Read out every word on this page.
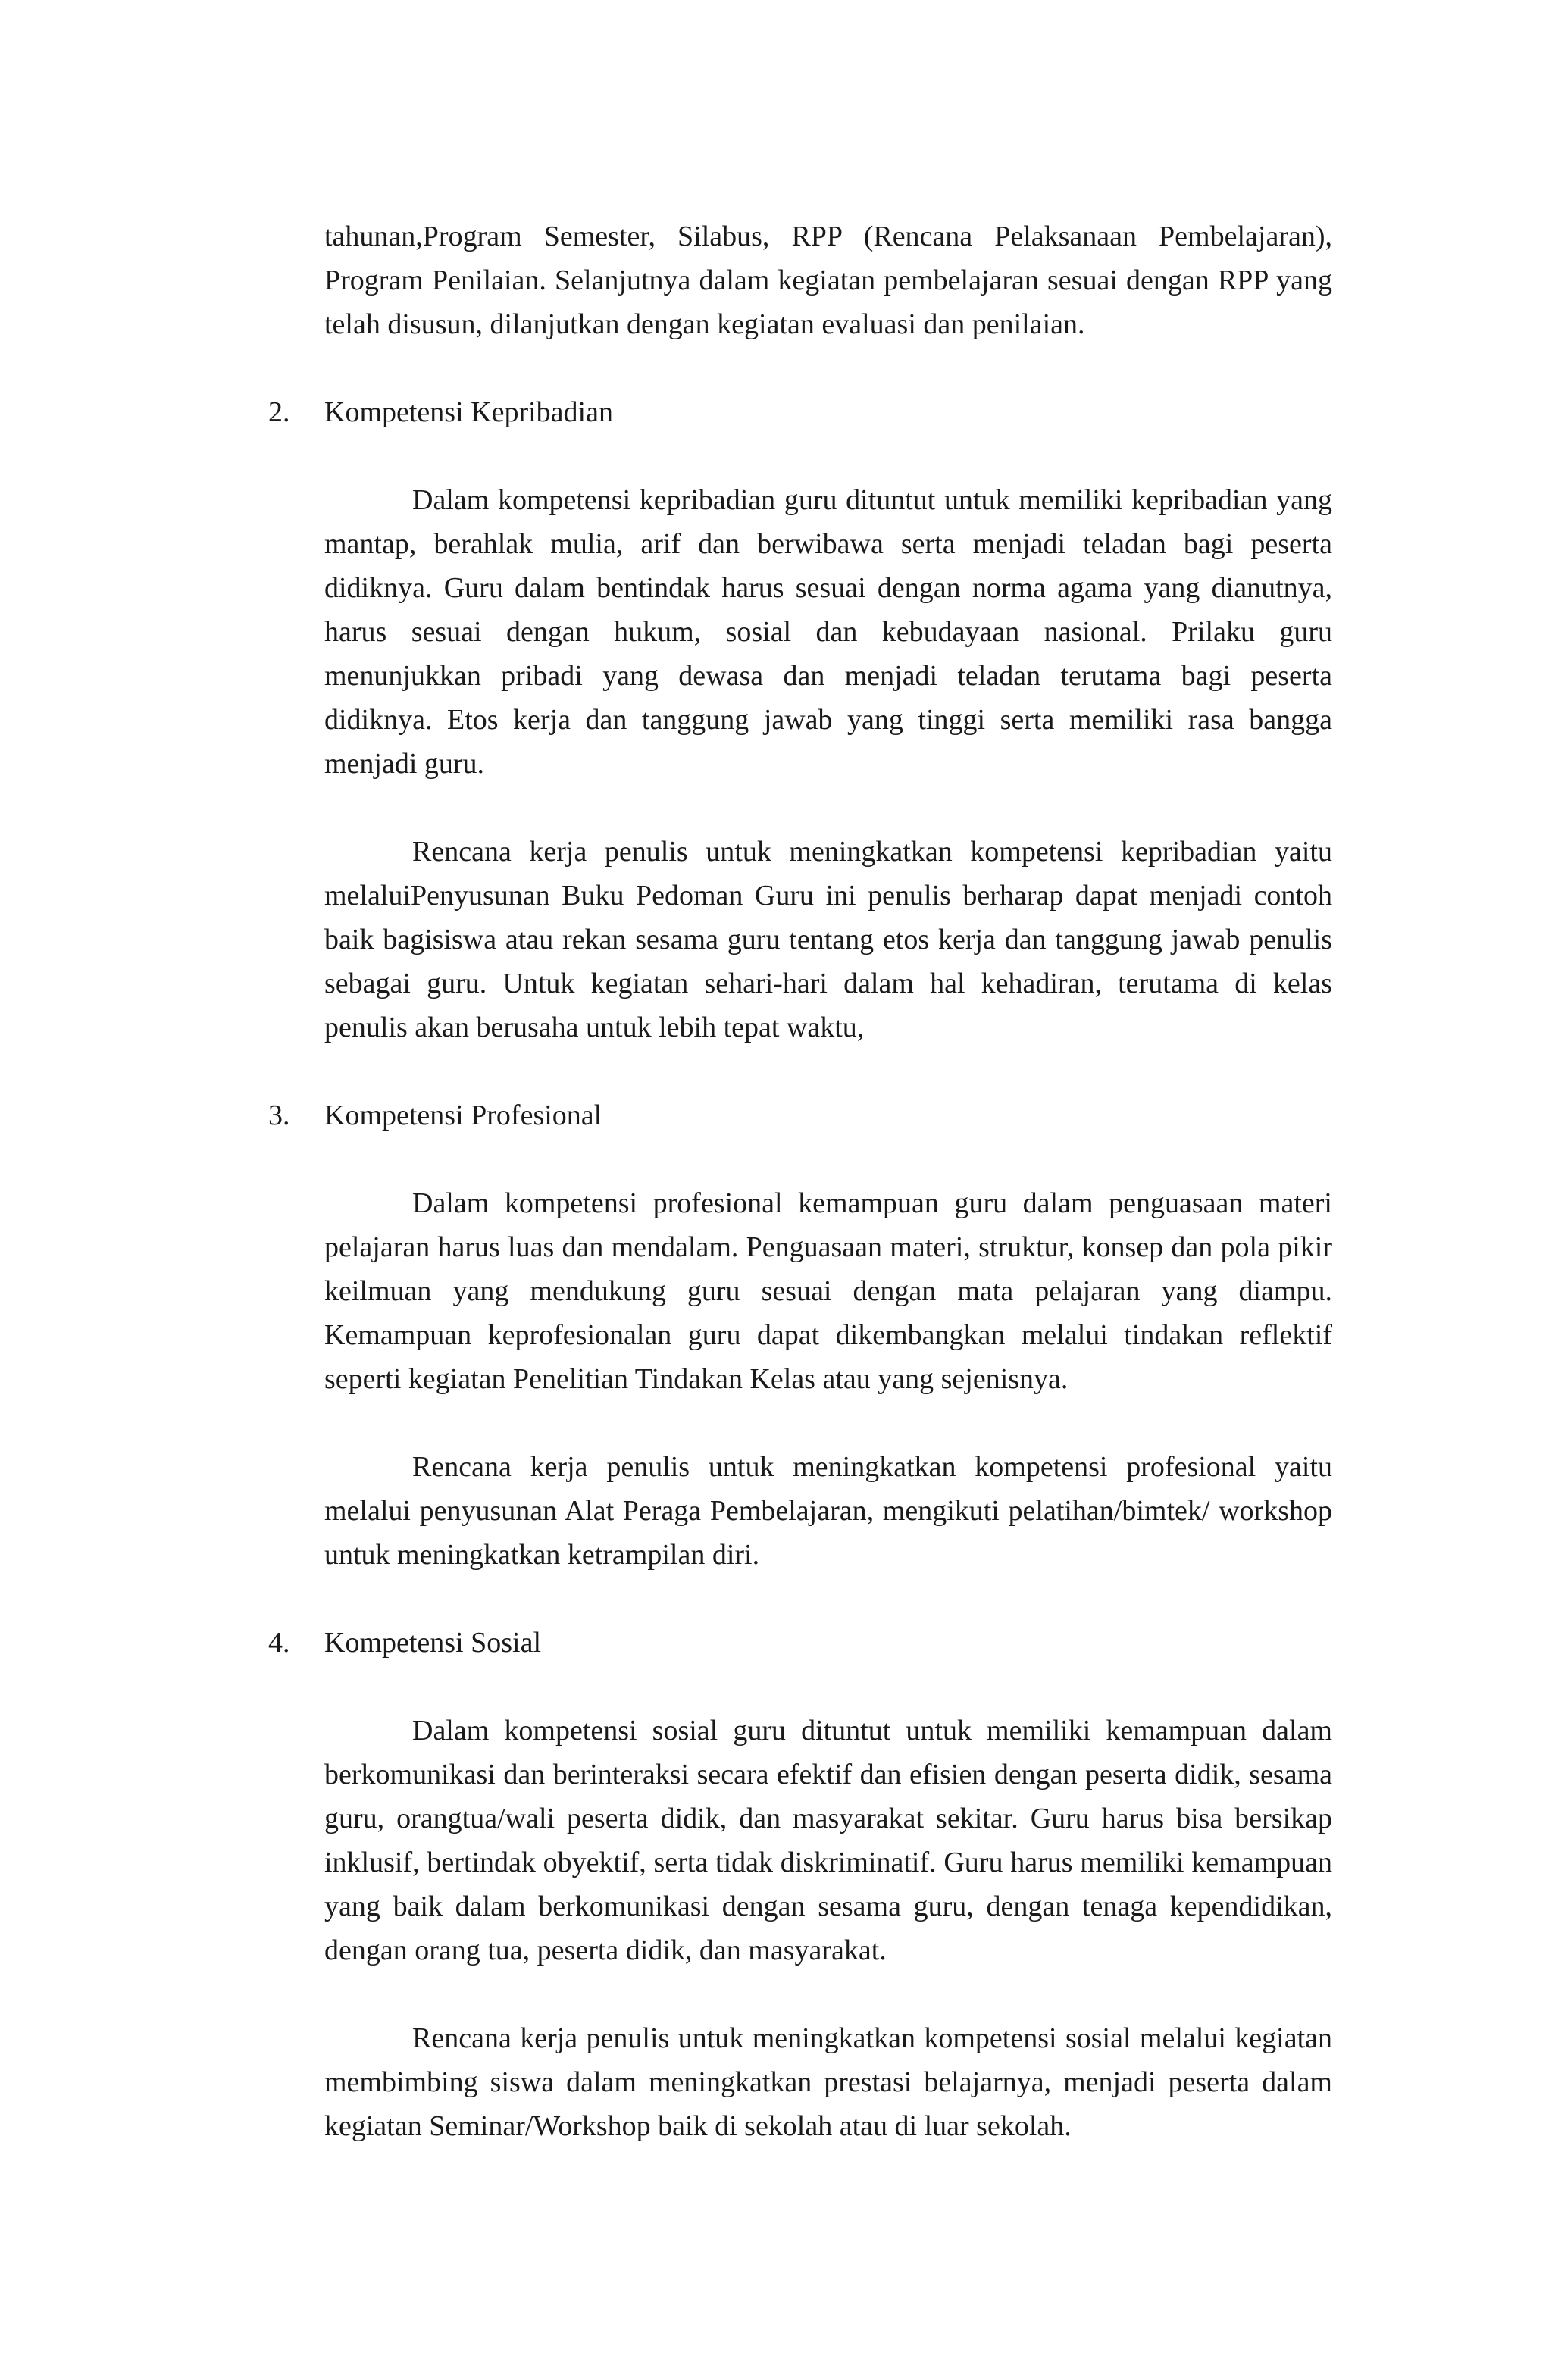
tahunan,Program Semester, Silabus, RPP (Rencana Pelaksanaan Pembelajaran), Program Penilaian. Selanjutnya dalam kegiatan pembelajaran sesuai dengan RPP yang telah disusun, dilanjutkan dengan kegiatan evaluasi dan penilaian.

2. Kompetensi Kepribadian

Dalam kompetensi kepribadian guru dituntut untuk memiliki kepribadian yang mantap, berahlak mulia, arif dan berwibawa serta menjadi teladan bagi peserta didiknya. Guru dalam bentindak harus sesuai dengan norma agama yang dianutnya, harus sesuai dengan hukum, sosial dan kebudayaan nasional. Prilaku guru menunjukkan pribadi yang dewasa dan menjadi teladan terutama bagi peserta didiknya. Etos kerja dan tanggung jawab yang tinggi serta memiliki rasa bangga menjadi guru.

Rencana kerja penulis untuk meningkatkan kompetensi kepribadian yaitu melaluiPenyusunan Buku Pedoman Guru ini penulis berharap dapat menjadi contoh baik bagisiswa atau rekan sesama guru tentang etos kerja dan tanggung jawab penulis sebagai guru. Untuk kegiatan sehari-hari dalam hal kehadiran, terutama di kelas penulis akan berusaha untuk lebih tepat waktu,

3. Kompetensi Profesional

Dalam kompetensi profesional kemampuan guru dalam penguasaan materi pelajaran harus luas dan mendalam. Penguasaan materi, struktur, konsep dan pola pikir keilmuan yang mendukung guru sesuai dengan mata pelajaran yang diampu. Kemampuan keprofesionalan guru dapat dikembangkan melalui tindakan reflektif seperti kegiatan Penelitian Tindakan Kelas atau yang sejenisnya.

Rencana kerja penulis untuk meningkatkan kompetensi profesional yaitu melalui penyusunan Alat Peraga Pembelajaran, mengikuti pelatihan/bimtek/ workshop untuk meningkatkan ketrampilan diri.

4. Kompetensi Sosial

Dalam kompetensi sosial guru dituntut untuk memiliki kemampuan dalam berkomunikasi dan berinteraksi secara efektif dan efisien dengan peserta didik, sesama guru, orangtua/wali peserta didik, dan masyarakat sekitar. Guru harus bisa bersikap inklusif, bertindak obyektif, serta tidak diskriminatif. Guru harus memiliki kemampuan yang baik dalam berkomunikasi dengan sesama guru, dengan tenaga kependidikan, dengan orang tua, peserta didik, dan masyarakat.

Rencana kerja penulis untuk meningkatkan kompetensi sosial melalui kegiatan membimbing siswa dalam meningkatkan prestasi belajarnya, menjadi peserta dalam kegiatan Seminar/Workshop baik di sekolah atau di luar sekolah.
